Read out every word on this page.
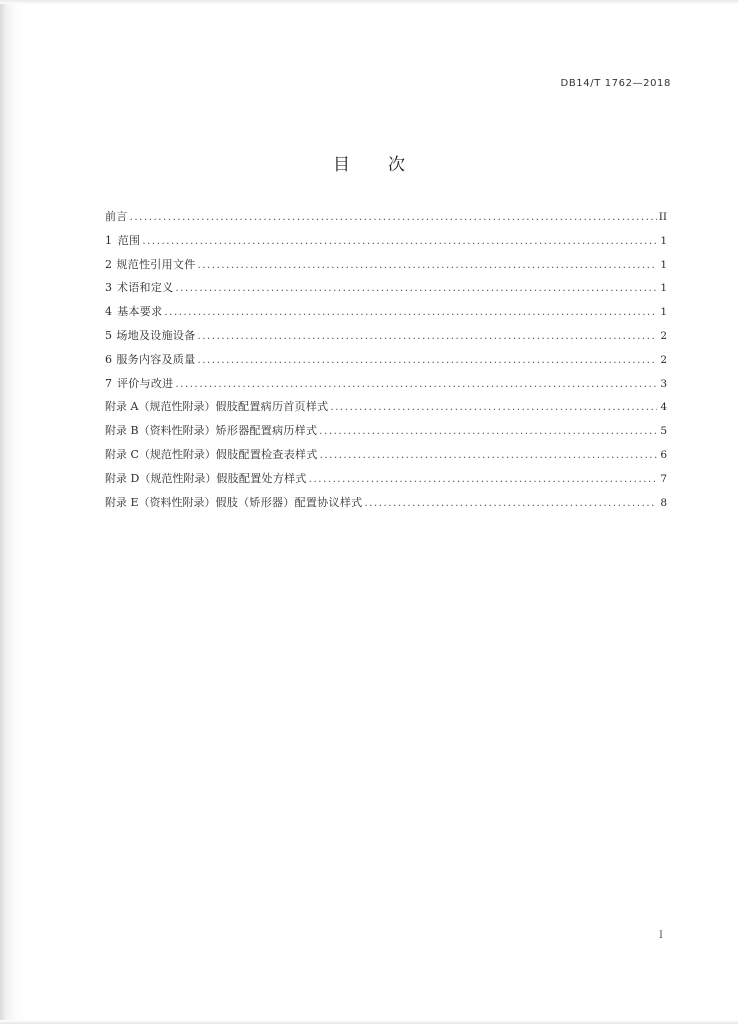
DB14/T 1762—2018
目 次
前言 .....	II
1 范围 .....	1
2 规范性引用文件 .....	1
3 术语和定义 .....	1
4 基本要求 .....	1
5 场地及设施设备 .....	2
6 服务内容及质量 .....	2
7 评价与改进 .....	3
附录 A（规范性附录） 假肢配置病历首页样式 .....	4
附录 B（资料性附录） 矫形器配置病历样式 .....	5
附录 C（规范性附录） 假肢配置检查表样式 .....	6
附录 D（规范性附录） 假肢配置处方样式 .....	7
附录 E（资料性附录） 假肢（矫形器）配置协议样式 .....	8
I
